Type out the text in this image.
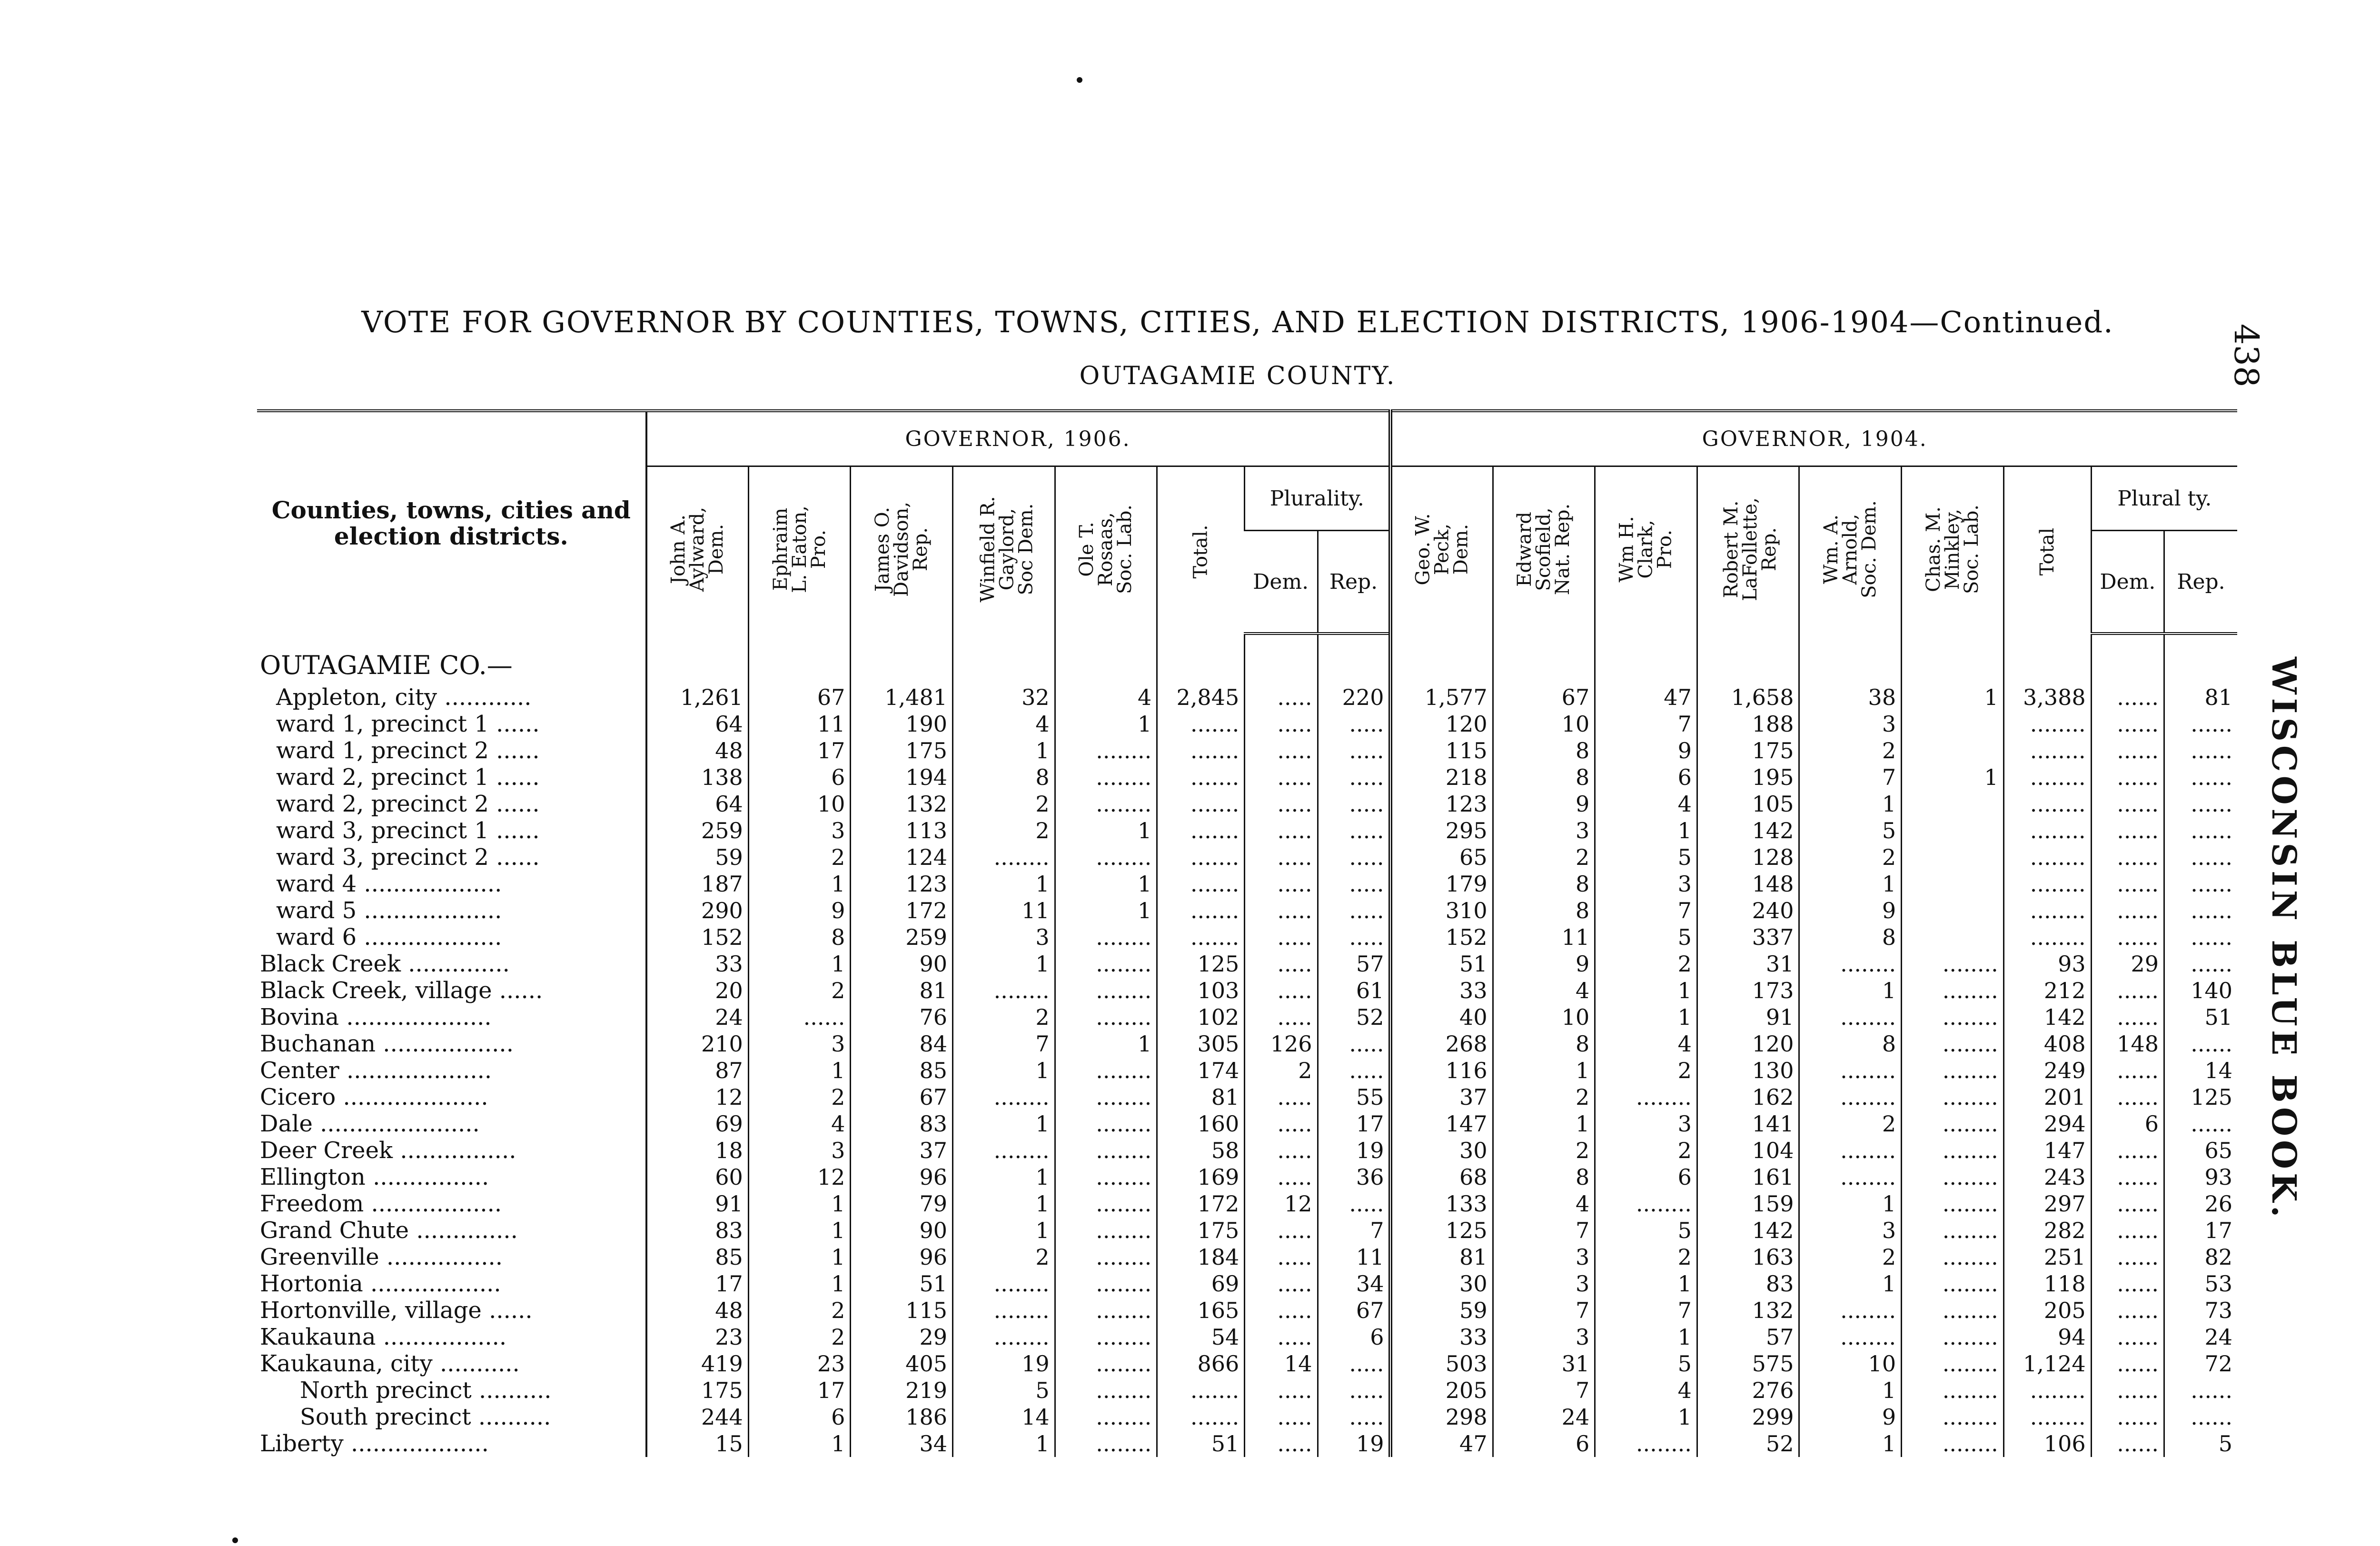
VOTE FOR GOVERNOR BY COUNTIES, TOWNS, CITIES, AND ELECTION DISTRICTS, 1906-1904—Continued.
OUTAGAMIE COUNTY.	438
WISCONSIN BLUE BOOK.
Counties, towns, cities and election districts.	GOVERNOR, 1906.								GOVERNOR, 1904.								
	John A.
Aylward,
Dem.	Ephraim
L. Eaton,
Pro.	James O.
Davidson,
Rep.	Winfield R.
Gaylord,
Soc Dem.	Ole T.
Rosaas,
Soc. Lab.	Total.	Plurality.		Geo. W.
Peck,
Dem.	Edward
Scofield,
Nat. Rep.	Wm H.
Clark,
Pro.	Robert M.
LaFollette,
Rep.	Wm. A.
Arnold,
Soc. Dem.	Chas. M.
Minkley,
Soc. Lab.	Total	Plural ty.	
							Dem.	Rep.								Dem.	Rep.
OUTAGAMIE CO.—																	
Appleton, city ............	1,261	67	1,481	32	4	2,845	.....	220	1,577	67	47	1,658	38	1	3,388	......	81
ward 1, precinct 1 ......	64	11	190	4	1	.......	.....	.....	120	10	7	188	3		........	......	......
ward 1, precinct 2 ......	48	17	175	1	........	.......	.....	.....	115	8	9	175	2		........	......	......
ward 2, precinct 1 ......	138	6	194	8	........	.......	.....	.....	218	8	6	195	7	1	........	......	......
ward 2, precinct 2 ......	64	10	132	2	........	.......	.....	.....	123	9	4	105	1		........	......	......
ward 3, precinct 1 ......	259	3	113	2	1	.......	.....	.....	295	3	1	142	5		........	......	......
ward 3, precinct 2 ......	59	2	124	........	........	.......	.....	.....	65	2	5	128	2		........	......	......
ward 4 ...................	187	1	123	1	1	.......	.....	.....	179	8	3	148	1		........	......	......
ward 5 ...................	290	9	172	11	1	.......	.....	.....	310	8	7	240	9		........	......	......
ward 6 ...................	152	8	259	3	........	.......	.....	.....	152	11	5	337	8		........	......	......
Black Creek ..............	33	1	90	1	........	125	.....	57	51	9	2	31	........	........	93	29	......
Black Creek, village ......	20	2	81	........	........	103	.....	61	33	4	1	173	1	........	212	......	140
Bovina ....................	24	......	76	2	........	102	.....	52	40	10	1	91	........	........	142	......	51
Buchanan ..................	210	3	84	7	1	305	126	.....	268	8	4	120	8	........	408	148	......
Center ....................	87	1	85	1	........	174	2	.....	116	1	2	130	........	........	249	......	14
Cicero ....................	12	2	67	........	........	81	.....	55	37	2	........	162	........	........	201	......	125
Dale ......................	69	4	83	1	........	160	.....	17	147	1	3	141	2	........	294	6	......
Deer Creek ................	18	3	37	........	........	58	.....	19	30	2	2	104	........	........	147	......	65
Ellington ................	60	12	96	1	........	169	.....	36	68	8	6	161	........	........	243	......	93
Freedom ..................	91	1	79	1	........	172	12	.....	133	4	........	159	1	........	297	......	26
Grand Chute ..............	83	1	90	1	........	175	.....	7	125	7	5	142	3	........	282	......	17
Greenville ................	85	1	96	2	........	184	.....	11	81	3	2	163	2	........	251	......	82
Hortonia ..................	17	1	51	........	........	69	.....	34	30	3	1	83	1	........	118	......	53
Hortonville, village ......	48	2	115	........	........	165	.....	67	59	7	7	132	........	........	205	......	73
Kaukauna .................	23	2	29	........	........	54	.....	6	33	3	1	57	........	........	94	......	24
Kaukauna, city ...........	419	23	405	19	........	866	14	.....	503	31	5	575	10	........	1,124	......	72
North precinct ..........	175	17	219	5	........	.......	.....	.....	205	7	4	276	1	........	........	......	......
South precinct ..........	244	6	186	14	........	.......	.....	.....	298	24	1	299	9	........	........	......	......
Liberty ...................	15	1	34	1	........	51	.....	19	47	6	........	52	1	........	106	......	5
